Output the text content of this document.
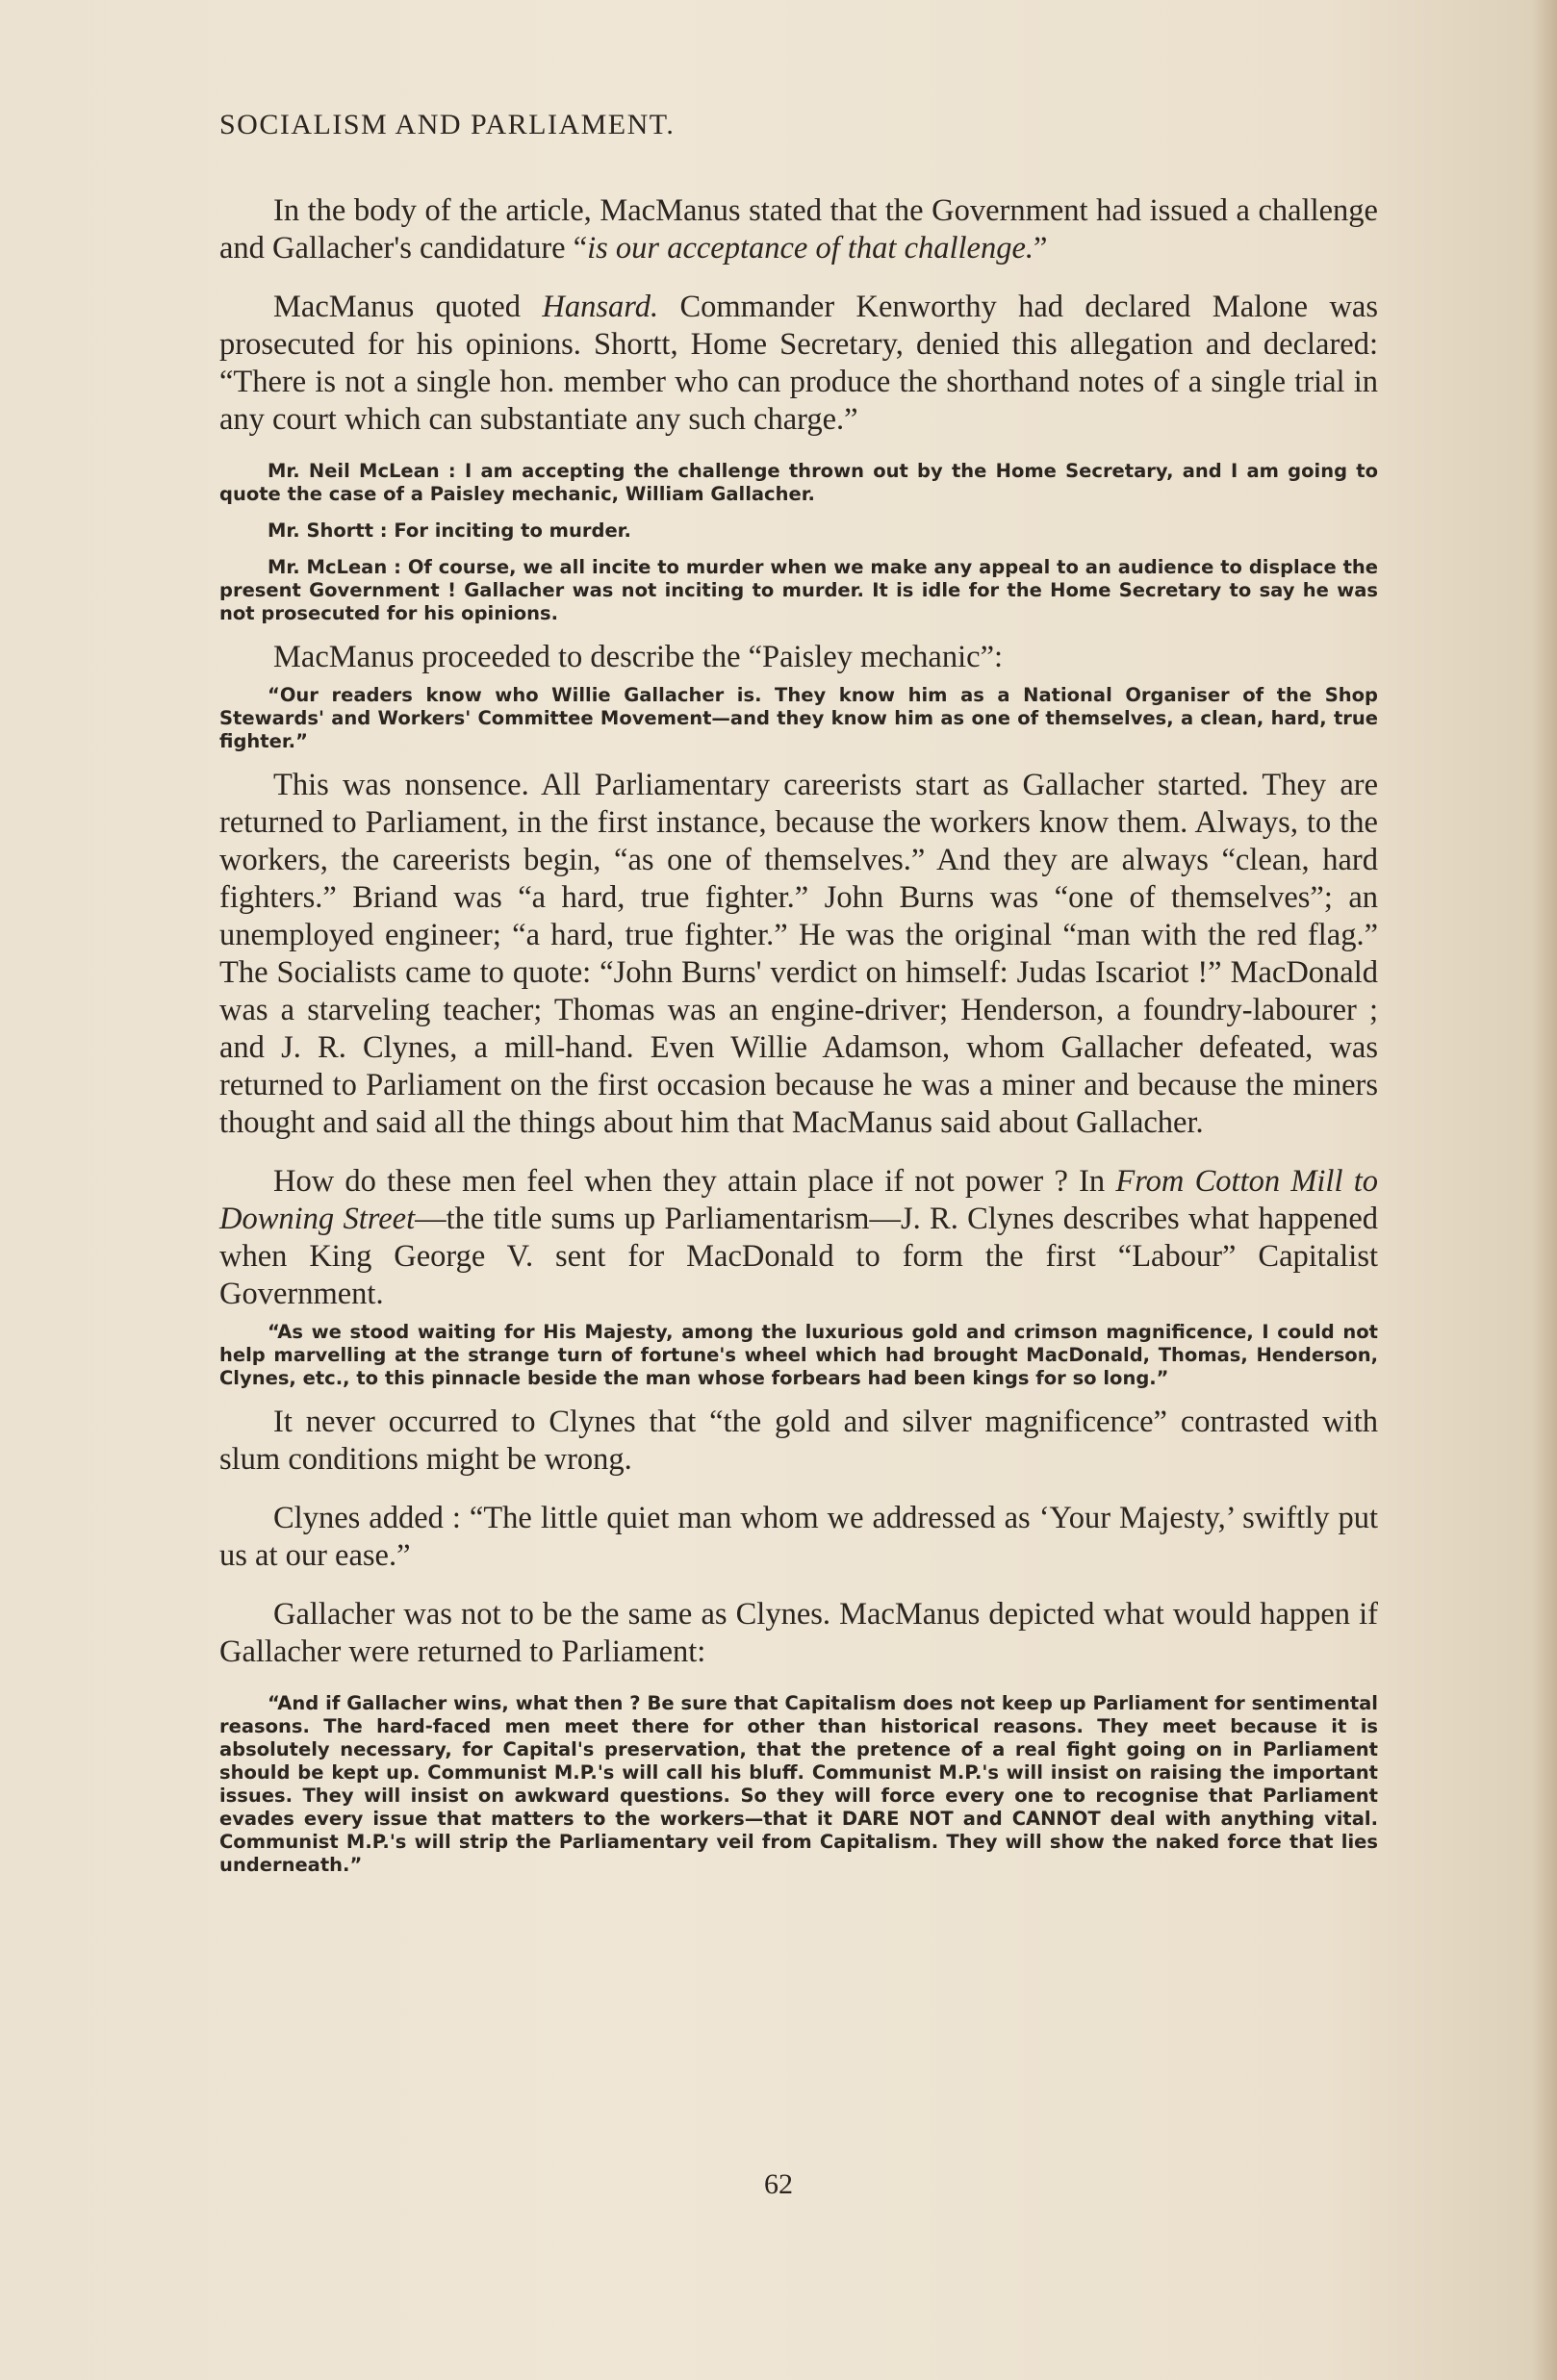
SOCIALISM AND PARLIAMENT.

In the body of the article, MacManus stated that the Government had issued a challenge and Gallacher's candidature “is our acceptance of that challenge.”

MacManus quoted Hansard. Commander Kenworthy had declared Malone was prosecuted for his opinions. Shortt, Home Secretary, denied this allegation and declared: “There is not a single hon. member who can produce the shorthand notes of a single trial in any court which can substantiate any such charge.”

Mr. Neil McLean : I am accepting the challenge thrown out by the Home Secretary, and I am going to quote the case of a Paisley mechanic, William Gallacher.

Mr. Shortt : For inciting to murder.

Mr. McLean : Of course, we all incite to murder when we make any appeal to an audience to displace the present Government ! Gallacher was not inciting to murder. It is idle for the Home Secretary to say he was not prosecuted for his opinions.

MacManus proceeded to describe the “Paisley mechanic”:

“Our readers know who Willie Gallacher is. They know him as a National Organiser of the Shop Stewards' and Workers' Committee Movement—and they know him as one of themselves, a clean, hard, true fighter.”

This was nonsence. All Parliamentary careerists start as Gallacher started. They are returned to Parliament, in the first instance, because the workers know them. Always, to the workers, the careerists begin, “as one of themselves.” And they are always “clean, hard fighters.” Briand was “a hard, true fighter.” John Burns was “one of themselves”; an unemployed engineer; “a hard, true fighter.” He was the original “man with the red flag.” The Socialists came to quote: “John Burns' verdict on himself: Judas Iscariot !” MacDonald was a starveling teacher; Thomas was an engine-driver; Henderson, a foundry-labourer ; and J. R. Clynes, a mill-hand. Even Willie Adamson, whom Gallacher defeated, was returned to Parliament on the first occasion because he was a miner and because the miners thought and said all the things about him that MacManus said about Gallacher.

How do these men feel when they attain place if not power ? In From Cotton Mill to Downing Street—the title sums up Parliamentarism—J. R. Clynes describes what happened when King George V. sent for MacDonald to form the first “Labour” Capitalist Government.

“As we stood waiting for His Majesty, among the luxurious gold and crimson magnificence, I could not help marvelling at the strange turn of fortune's wheel which had brought MacDonald, Thomas, Henderson, Clynes, etc., to this pinnacle beside the man whose forbears had been kings for so long.”

It never occurred to Clynes that “the gold and silver magnificence” contrasted with slum conditions might be wrong.

Clynes added : “The little quiet man whom we addressed as ‘Your Majesty,’ swiftly put us at our ease.”

Gallacher was not to be the same as Clynes. MacManus depicted what would happen if Gallacher were returned to Parliament:

“And if Gallacher wins, what then ? Be sure that Capitalism does not keep up Parliament for sentimental reasons. The hard-faced men meet there for other than historical reasons. They meet because it is absolutely necessary, for Capital's preservation, that the pretence of a real fight going on in Parliament should be kept up. Communist M.P.'s will call his bluff. Communist M.P.'s will insist on raising the important issues. They will insist on awkward questions. So they will force every one to recognise that Parliament evades every issue that matters to the workers—that it DARE NOT and CANNOT deal with anything vital. Communist M.P.'s will strip the Parliamentary veil from Capitalism. They will show the naked force that lies underneath.”

62
